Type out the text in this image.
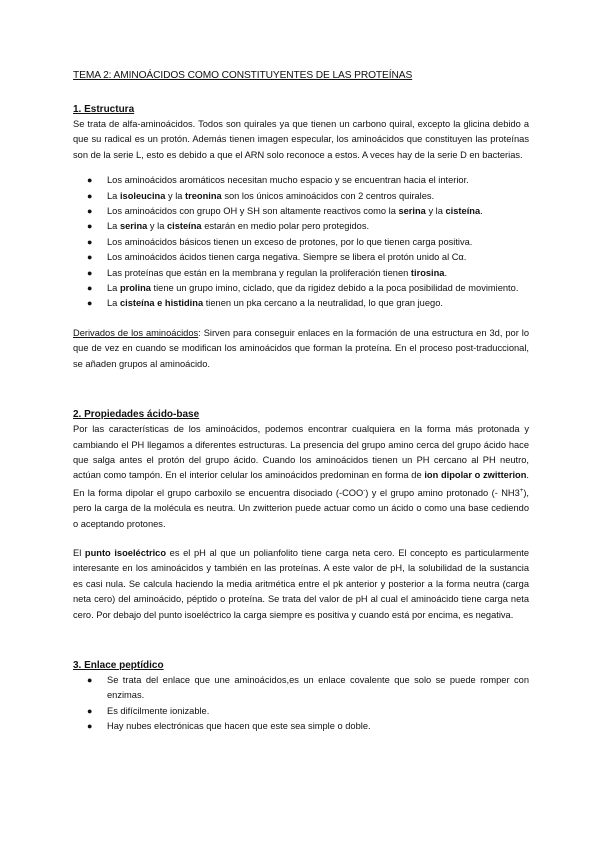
TEMA 2: AMINOÁCIDOS COMO CONSTITUYENTES DE LAS PROTEÍNAS
1. Estructura

Se trata de alfa-aminoácidos. Todos son quirales ya que tienen un carbono quiral, excepto la glicina debido a que su radical es un protón. Además tienen imagen especular, los aminoácidos que constituyen las proteínas son de la serie L, esto es debido a que el ARN solo reconoce a estos. A veces hay de la serie D en bacterias.

● Los aminoácidos aromáticos necesitan mucho espacio y se encuentran hacia el interior.
● La isoleucina y la treonina son los únicos aminoácidos con 2 centros quirales.
● Los aminoácidos con grupo OH y SH son altamente reactivos como la serina y la cisteína.
● La serina y la cisteína estarán en medio polar pero protegidos.
● Los aminoácidos básicos tienen un exceso de protones, por lo que tienen carga positiva.
● Los aminoácidos ácidos tienen carga negativa. Siempre se libera el protón unido al Cα.
● Las proteínas que están en la membrana y regulan la proliferación tienen tirosina.
● La prolina tiene un grupo imino, ciclado, que da rigidez debido a la poca posibilidad de movimiento.
● La cisteína e histidina tienen un pka cercano a la neutralidad, lo que gran juego.

Derivados de los aminoácidos: Sirven para conseguir enlaces en la formación de una estructura en 3d, por lo que de vez en cuando se modifican los aminoácidos que forman la proteína. En el proceso post-traduccional, se añaden grupos al aminoácido.

2. Propiedades ácido-base

Por las características de los aminoácidos, podemos encontrar cualquiera en la forma más protonada y cambiando el PH llegamos a diferentes estructuras. La presencia del grupo amino cerca del grupo ácido hace que salga antes el protón del grupo ácido. Cuando los aminoácidos tienen un PH cercano al PH neutro, actúan como tampón. En el interior celular los aminoácidos predominan en forma de ion dipolar o zwitterion. En la forma dipolar el grupo carboxilo se encuentra disociado (-COO-) y el grupo amino protonado (- NH3+), pero la carga de la molécula es neutra. Un zwitterion puede actuar como un ácido o como una base cediendo o aceptando protones.

El punto isoeléctrico es el pH al que un polianfolito tiene carga neta cero. El concepto es particularmente interesante en los aminoácidos y también en las proteínas. A este valor de pH, la solubilidad de la sustancia es casi nula. Se calcula haciendo la media aritmética entre el pk anterior y posterior a la forma neutra (carga neta cero) del aminoácido, péptido o proteína. Se trata del valor de pH al cual el aminoácido tiene carga neta cero. Por debajo del punto isoeléctrico la carga siempre es positiva y cuando está por encima, es negativa.

3. Enlace peptídico
● Se trata del enlace que une aminoácidos,es un enlace covalente que solo se puede romper con enzimas.
● Es difícilmente ionizable.
● Hay nubes electrónicas que hacen que este sea simple o doble.
